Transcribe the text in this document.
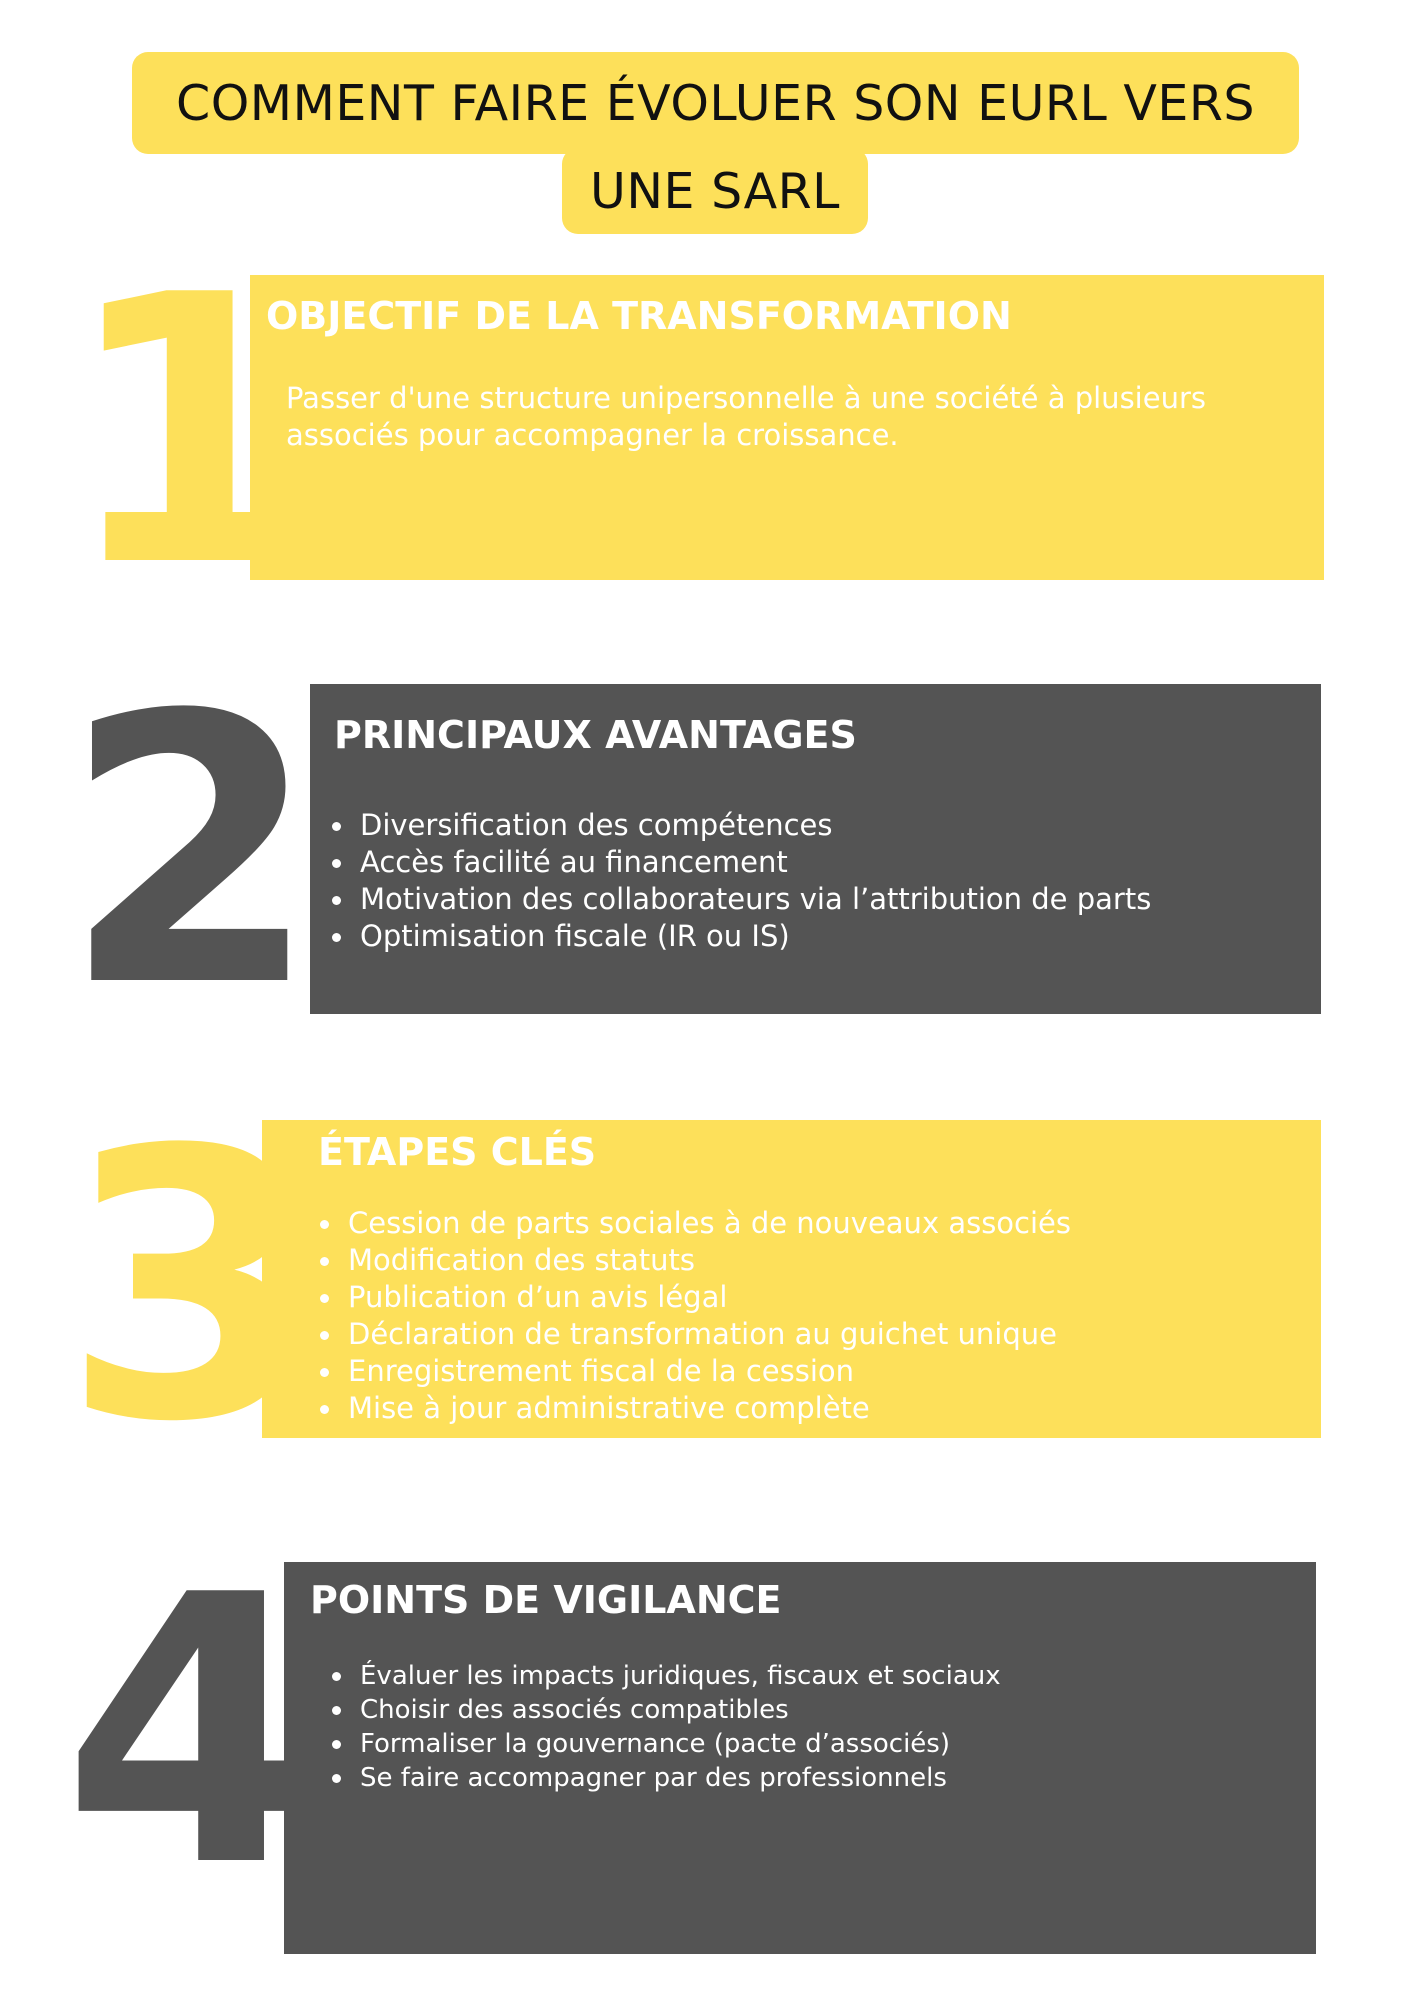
COMMENT FAIRE ÉVOLUER SON EURL VERS
UNE SARL
1
OBJECTIF DE LA TRANSFORMATION

Passer d'une structure unipersonnelle à une société à plusieurs associés pour accompagner la croissance.

2 PRINCIPAUX AVANTAGES
Diversification des compétences
Accès facilité au financement
Motivation des collaborateurs via l’attribution de parts
Optimisation fiscale (IR ou IS)
3
ÉTAPES CLÉS
Cession de parts sociales à de nouveaux associés
Modification des statuts
Publication d’un avis légal
Déclaration de transformation au guichet unique
Enregistrement fiscal de la cession
Mise à jour administrative complète
4
POINTS DE VIGILANCE
Évaluer les impacts juridiques, fiscaux et sociaux
Choisir des associés compatibles
Formaliser la gouvernance (pacte d’associés)
Se faire accompagner par des professionnels
